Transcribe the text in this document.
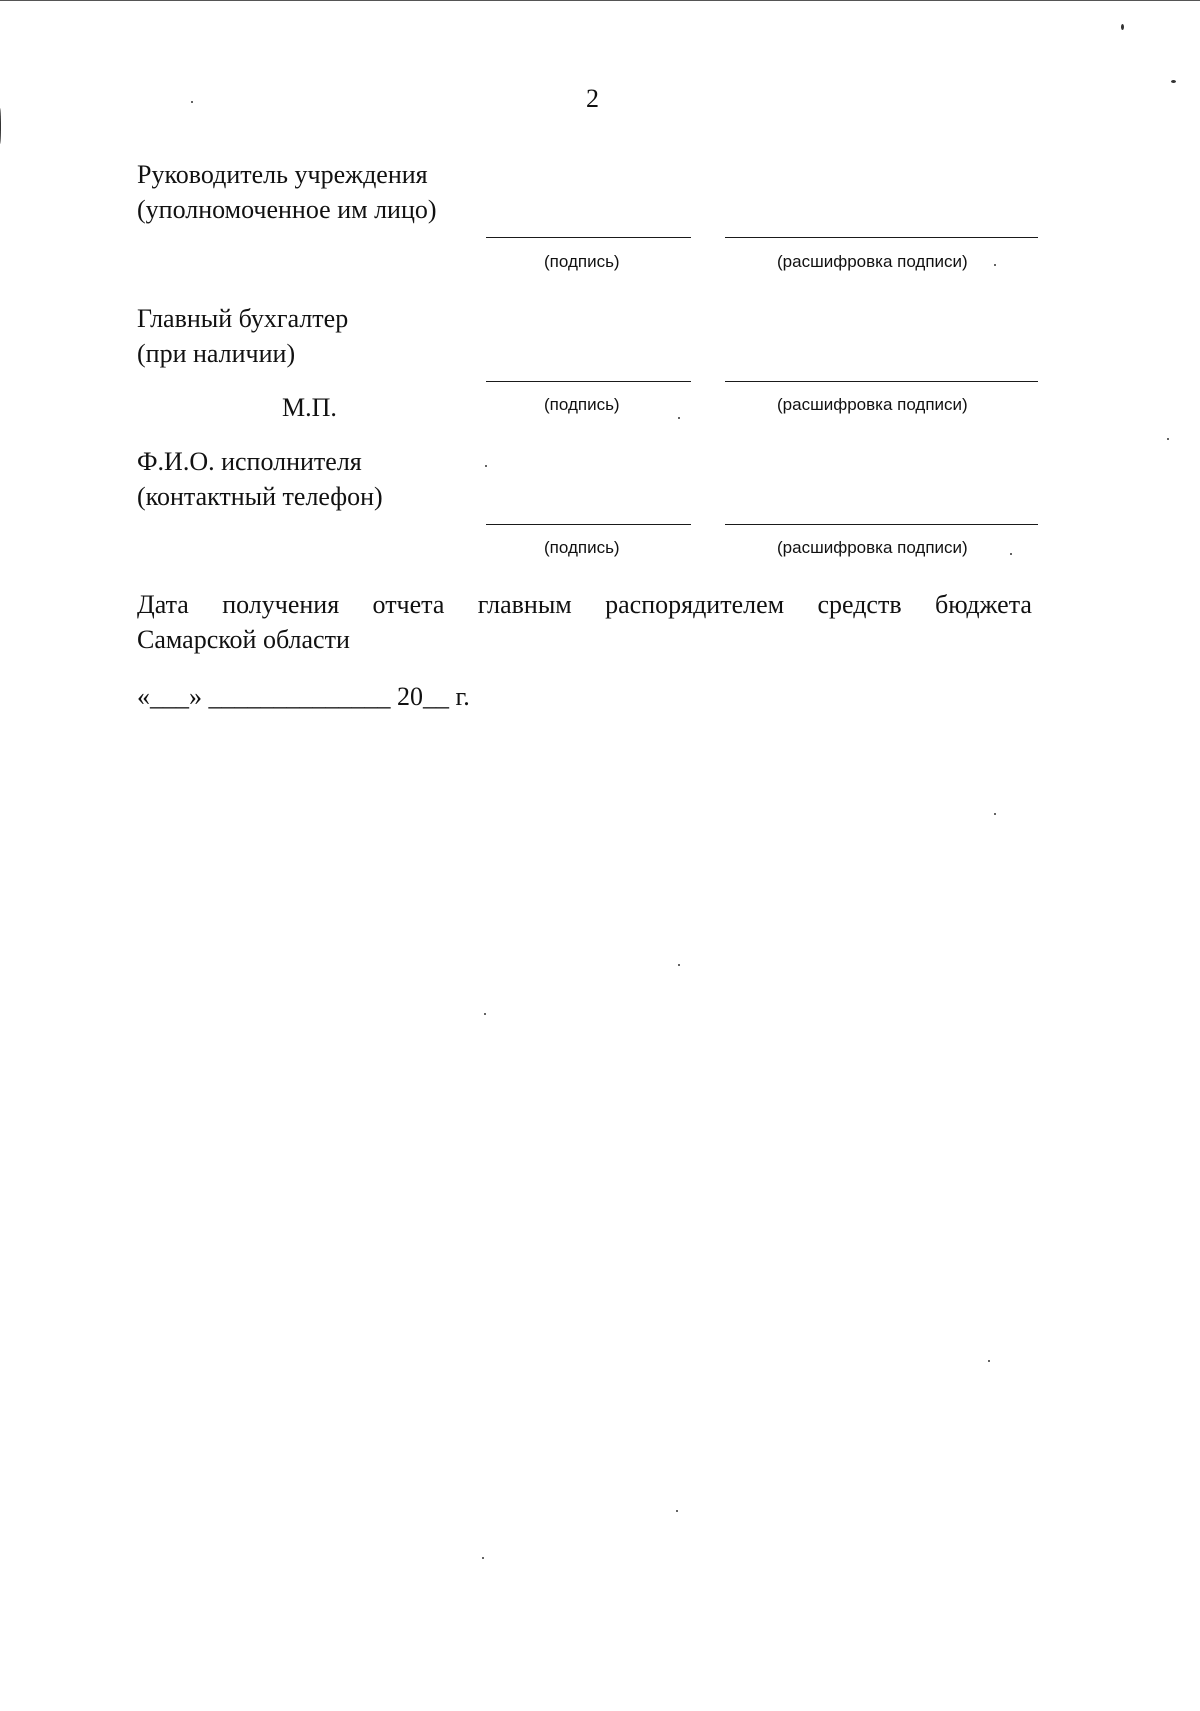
2
Руководитель учреждения
(уполномоченное им лицо)
(подпись)	(расшифровка подписи)
Главный бухгалтер
(при наличии)
М.П.	(подпись)	(расшифровка подписи)
Ф.И.О. исполнителя
(контактный телефон)
(подпись)	(расшифровка подписи)
Дата получения отчета главным распорядителем средств бюджета
Самарской области
«___» ______________ 20__ г.
